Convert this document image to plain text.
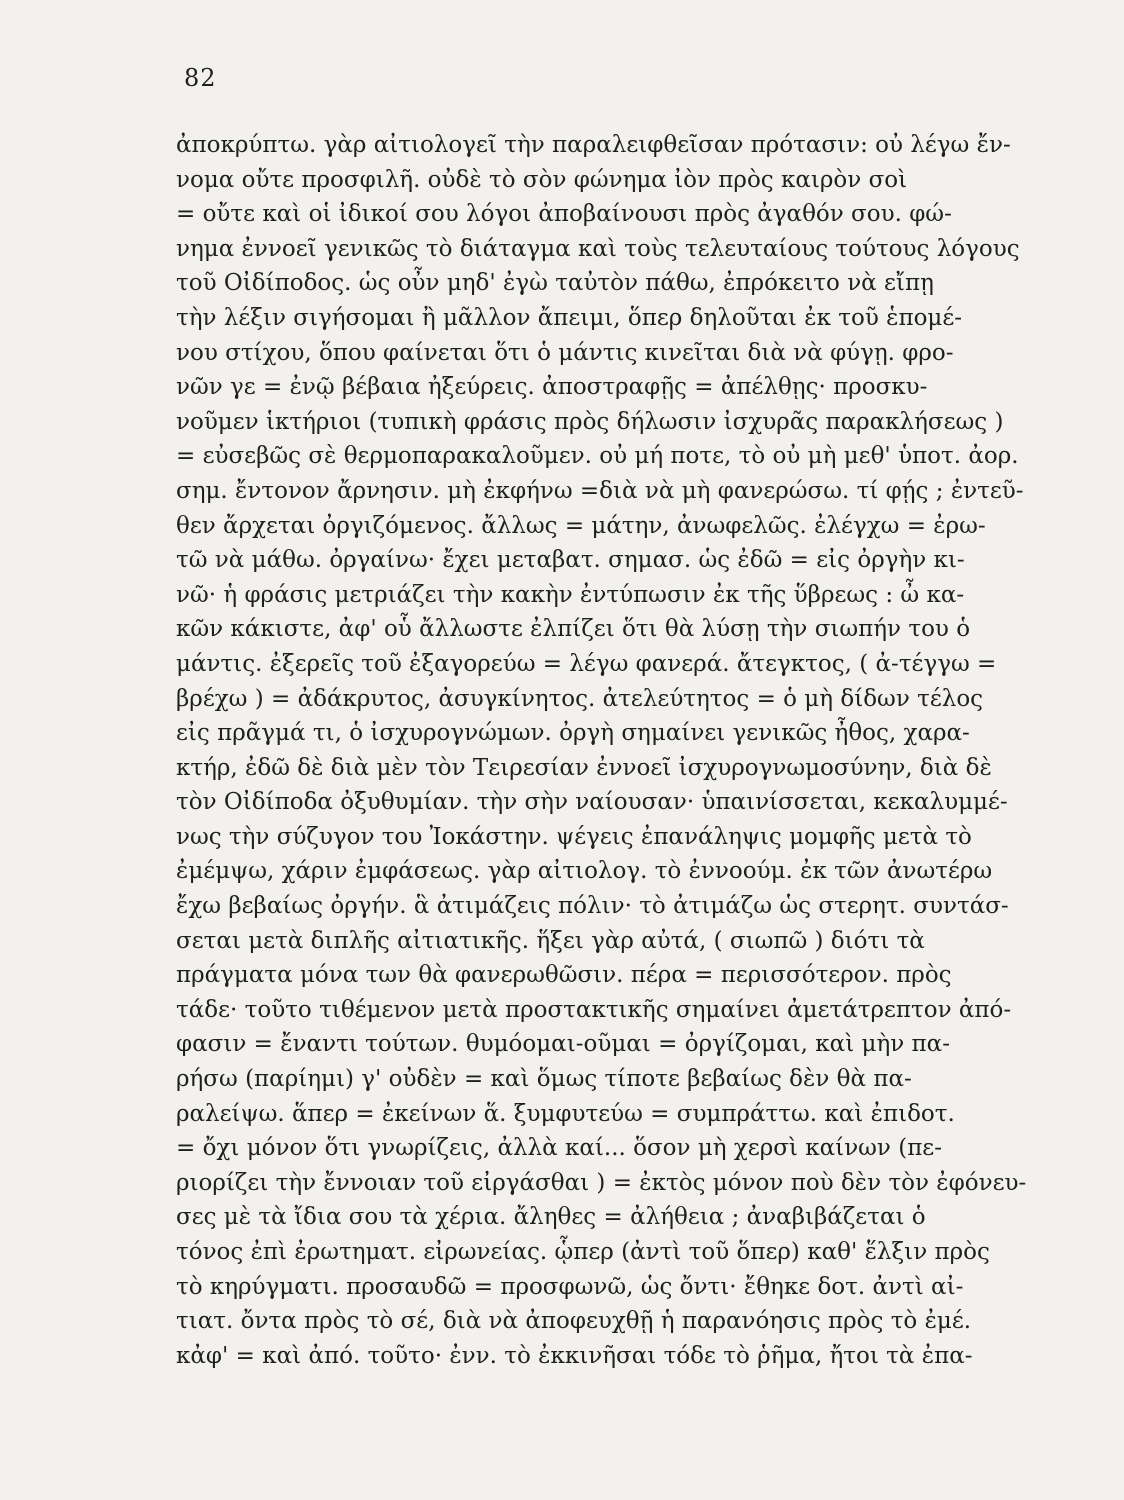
82
ἀποκρύπτω. γὰρ αἰτιολογεῖ τὴν παραλειφθεῖσαν πρότασιν: οὐ λέγω ἔν-
νομα οὔτε προσφιλῆ. οὐδὲ τὸ σὸν φώνημα ἰὸν πρὸς καιρὸν σοὶ
= οὔτε καὶ οἱ ἰδικοί σου λόγοι ἀποβαίνουσι πρὸς ἀγαθόν σου. φώ-
νημα ἐννοεῖ γενικῶς τὸ διάταγμα καὶ τοὺς τελευταίους τούτους λόγους
τοῦ Οἰδίποδος. ὡς οὖν μηδ' ἐγὼ ταὐτὸν πάθω, ἐπρόκειτο νὰ εἴπῃ
τὴν λέξιν σιγήσομαι ἢ μᾶλλον ἄπειμι, ὅπερ δηλοῦται ἐκ τοῦ ἑπομέ-
νου στίχου, ὅπου φαίνεται ὅτι ὁ μάντις κινεῖται διὰ νὰ φύγῃ. φρο-
νῶν γε = ἐνῷ βέβαια ἠξεύρεις. ἀποστραφῇς = ἀπέλθῃς· προσκυ-
νοῦμεν ἱκτήριοι (τυπικὴ φράσις πρὸς δήλωσιν ἰσχυρᾶς παρακλήσεως )
= εὐσεβῶς σὲ θερμοπαρακαλοῦμεν. οὐ μή ποτε, τὸ οὐ μὴ μεθ' ὑποτ. ἀορ.
σημ. ἔντονον ἄρνησιν. μὴ ἐκφήνω =διὰ νὰ μὴ φανερώσω. τί φῄς ; ἐντεῦ-
θεν ἄρχεται ὀργιζόμενος. ἄλλως = μάτην, ἀνωφελῶς. ἐλέγχω = ἐρω-
τῶ νὰ μάθω. ὀργαίνω· ἔχει μεταβατ. σημασ. ὡς ἐδῶ = εἰς ὀργὴν κι-
νῶ· ἡ φράσις μετριάζει τὴν κακὴν ἐντύπωσιν ἐκ τῆς ὕβρεως : ὦ κα-
κῶν κάκιστε, ἀφ' οὗ ἄλλωστε ἐλπίζει ὅτι θὰ λύσῃ τὴν σιωπήν του ὁ
μάντις. ἐξερεῖς τοῦ ἐξαγορεύω = λέγω φανερά. ἄτεγκτος, ( ἀ-τέγγω =
βρέχω ) = ἀδάκρυτος, ἀσυγκίνητος. ἀτελεύτητος = ὁ μὴ δίδων τέλος
εἰς πρᾶγμά τι, ὁ ἰσχυρογνώμων. ὀργὴ σημαίνει γενικῶς ἦθος, χαρα-
κτήρ, ἐδῶ δὲ διὰ μὲν τὸν Τειρεσίαν ἐννοεῖ ἰσχυρογνωμοσύνην, διὰ δὲ
τὸν Οἰδίποδα ὀξυθυμίαν. τὴν σὴν ναίουσαν· ὑπαινίσσεται, κεκαλυμμέ-
νως τὴν σύζυγον του Ἰοκάστην. ψέγεις ἐπανάληψις μομφῆς μετὰ τὸ
ἐμέμψω, χάριν ἐμφάσεως. γὰρ αἰτιολογ. τὸ ἐννοούμ. ἐκ τῶν ἀνωτέρω
ἔχω βεβαίως ὀργήν. ἃ ἀτιμάζεις πόλιν· τὸ ἀτιμάζω ὡς στερητ. συντάσ-
σεται μετὰ διπλῆς αἰτιατικῆς. ἥξει γὰρ αὐτά, ( σιωπῶ ) διότι τὰ
πράγματα μόνα των θὰ φανερωθῶσιν. πέρα = περισσότερον. πρὸς
τάδε· τοῦτο τιθέμενον μετὰ προστακτικῆς σημαίνει ἀμετάτρεπτον ἀπό-
φασιν = ἔναντι τούτων. θυμόομαι-οῦμαι = ὀργίζομαι, καὶ μὴν πα-
ρήσω (παρίημι) γ' οὐδὲν = καὶ ὅμως τίποτε βεβαίως δὲν θὰ πα-
ραλείψω. ἅπερ = ἐκείνων ἅ. ξυμφυτεύω = συμπράττω. καὶ ἐπιδοτ.
= ὄχι μόνον ὅτι γνωρίζεις, ἀλλὰ καί... ὅσον μὴ χερσὶ καίνων (πε-
ριορίζει τὴν ἔννοιαν τοῦ εἰργάσθαι ) = ἐκτὸς μόνον ποὺ δὲν τὸν ἐφόνευ-
σες μὲ τὰ ἴδια σου τὰ χέρια. ἄληθες = ἀλήθεια ; ἀναβιβάζεται ὁ
τόνος ἐπὶ ἐρωτηματ. εἰρωνείας. ᾧπερ (ἀντὶ τοῦ ὅπερ) καθ' ἕλξιν πρὸς
τὸ κηρύγματι. προσαυδῶ = προσφωνῶ, ὡς ὄντι· ἔθηκε δοτ. ἀντὶ αἰ-
τιατ. ὄντα πρὸς τὸ σέ, διὰ νὰ ἀποφευχθῇ ἡ παρανόησις πρὸς τὸ ἐμέ.
κἀφ' = καὶ ἀπό. τοῦτο· ἐνν. τὸ ἐκκινῆσαι τόδε τὸ ῥῆμα, ἤτοι τὰ ἐπα-
